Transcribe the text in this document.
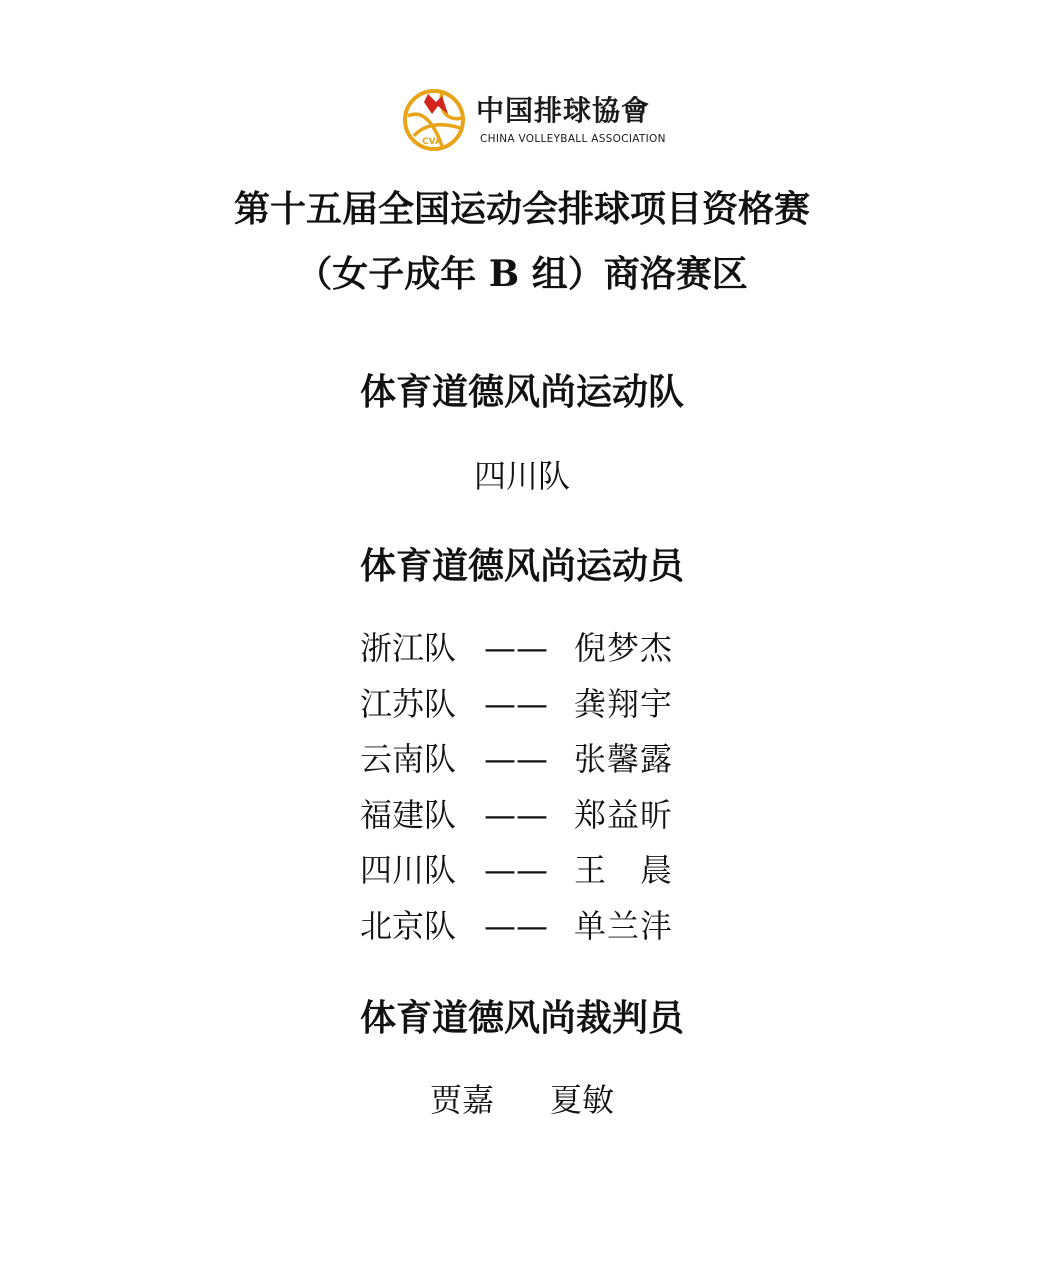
CVA
中国排球協會
CHINA VOLLEYBALL ASSOCIATION
第十五届全国运动会排球项目资格赛
（女子成年 B 组）商洛赛区
体育道德风尚运动队
四川队
体育道德风尚运动员
浙江队 —— 倪梦杰
江苏队 —— 龚翔宇
云南队 —— 张馨露
福建队 —— 郑益昕
四川队 —— 王　晨
北京队 —— 单兰沣
体育道德风尚裁判员
贾嘉 夏敏
